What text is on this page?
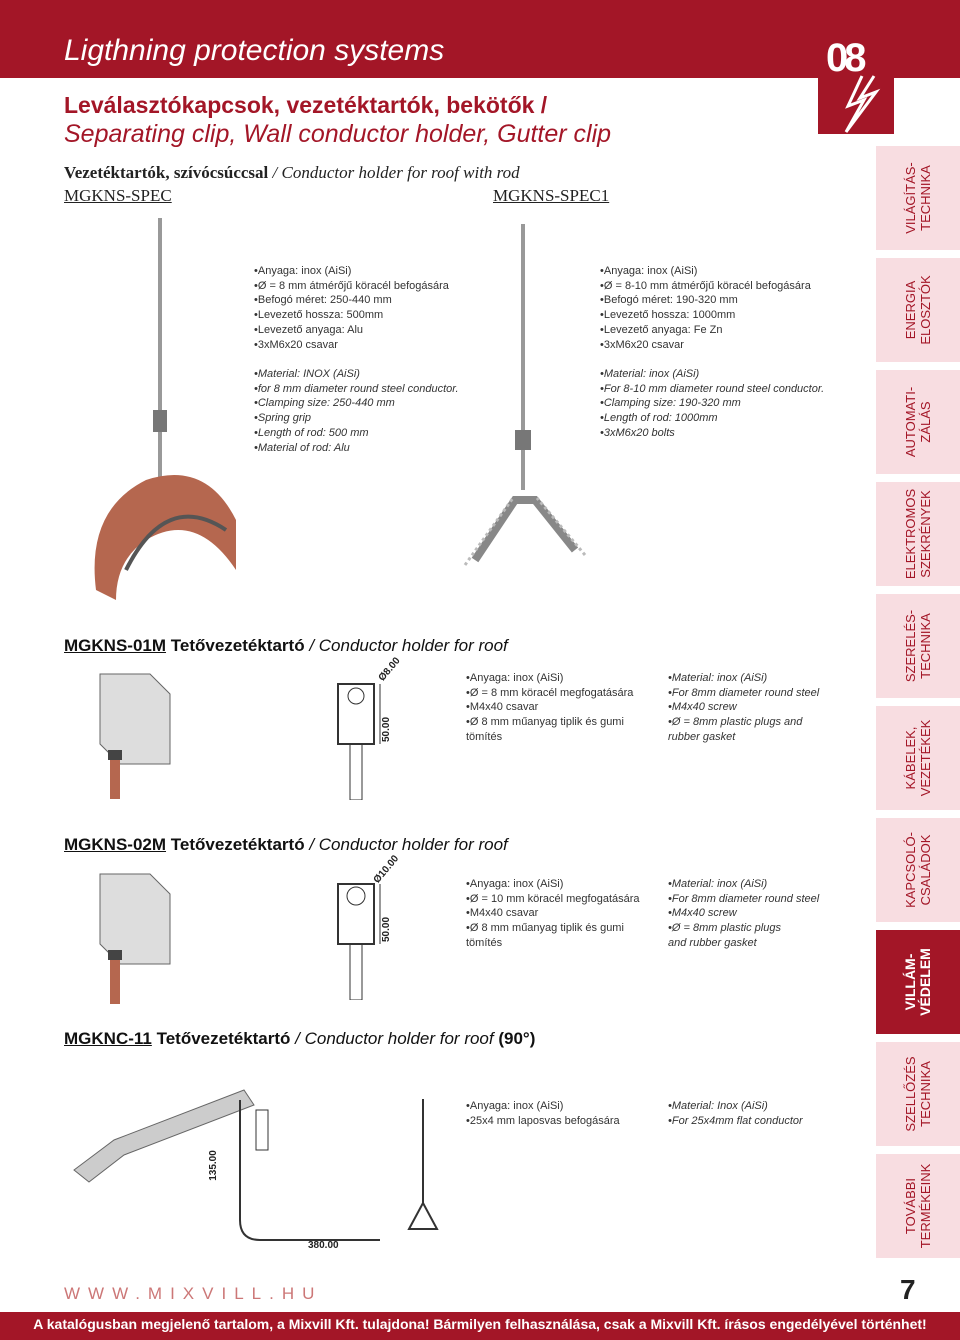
Ligthning protection systems	08
Leválasztókapcsok, vezetéktartók, bekötők /
Separating clip, Wall conductor holder, Gutter clip
Vezetéktartók, szívócsúccsal / Conductor holder for roof with rod
MGKNS-SPEC	MGKNS-SPEC1
• Anyaga: inox (AiSi)
• Ø = 8 mm átmérőjű köracél befogására
• Befogó méret: 250-440 mm
• Levezető hossza: 500mm
• Levezető anyaga: Alu
• 3xM6x20 csavar
• Material: INOX (AiSi)
• for 8 mm diameter round steel conductor.
• Clamping size: 250-440 mm
• Spring grip
• Length of rod: 500 mm
• Material of rod: Alu
• Anyaga: inox (AiSi)
• Ø = 8-10 mm átmérőjű köracél befogására
• Befogó méret: 190-320 mm
• Levezető hossza: 1000mm
• Levezető anyaga: Fe Zn
• 3xM6x20 csavar
• Material: inox (AiSi)
• For 8-10 mm diameter round steel conductor.
• Clamping size: 190-320 mm
• Length of rod: 1000mm
• 3xM6x20 bolts
MGKNS-01M Tetővezetéktartó / Conductor holder for roof
Ø8.00
50.00
• Anyaga: inox (AiSi)
• Ø = 8 mm köracél megfogatására
• M4x40 csavar
• Ø 8 mm műanyag tiplik és gumi tömítés
• Material: inox (AiSi)
• For 8mm diameter round steel
• M4x40 screw
• Ø = 8mm plastic plugs and rubber gasket
MGKNS-02M Tetővezetéktartó / Conductor holder for roof
Ø10.00
50.00
• Anyaga: inox (AiSi)
• Ø = 10 mm köracél megfogatására
• M4x40 csavar
• Ø 8 mm műanyag tiplik és gumi tömítés
• Material: inox (AiSi)
• For 8mm diameter round steel
• M4x40 screw
• Ø = 8mm plastic plugs and rubber gasket
MGKNC-11 Tetővezetéktartó / Conductor holder for roof (90°)
135.00
380.00
• Anyaga: inox (AiSi)
• 25x4 mm laposvas befogására
• Material: Inox (AiSi)
• For 25x4mm flat conductor
VILÁGÍTÁS-
TECHNIKA
ENERGIA
ELOSZTÓK
AUTOMATI-
ZÁLÁS
ELEKTROMOS
SZEKRÉNYEK
SZERELÉS-
TECHNIKA
KÁBELEK,
VEZETÉKEK
KAPCSOLÓ-
CSALÁDOK
VILLÁM-
VÉDELEM
SZELLŐZÉS
TECHNIKA
TOVÁBBI
TERMÉKEINK
WWW.MIXVILL.HU	7
A katalógusban megjelenő tartalom, a Mixvill Kft. tulajdona! Bármilyen felhasználása, csak a Mixvill Kft. írásos engedélyével történhet!
